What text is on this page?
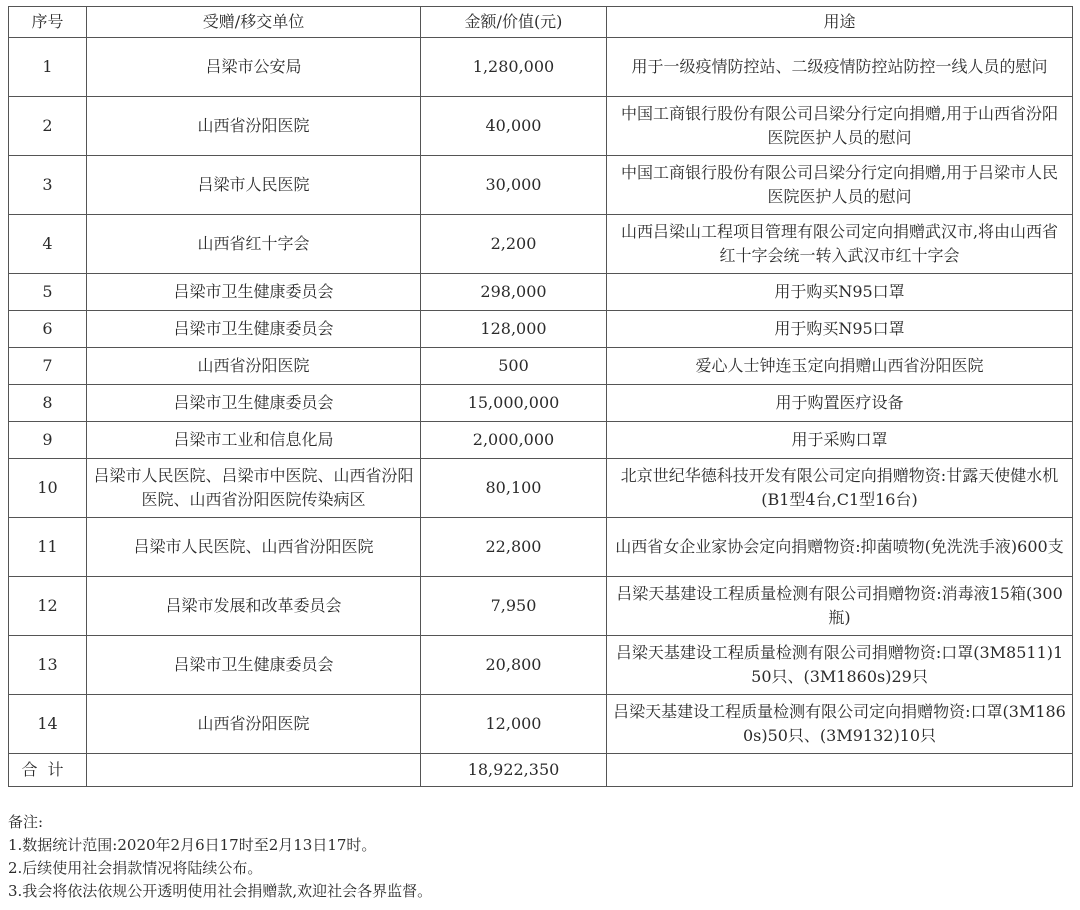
序号	受赠/移交单位	金额/价值(元)	用途
1	吕梁市公安局	1,280,000	用于一级疫情防控站、二级疫情防控站防控一线人员的慰问
2	山西省汾阳医院	40,000	中国工商银行股份有限公司吕梁分行定向捐赠,用于山西省汾阳医院医护人员的慰问
3	吕梁市人民医院	30,000	中国工商银行股份有限公司吕梁分行定向捐赠,用于吕梁市人民医院医护人员的慰问
4	山西省红十字会	2,200	山西吕梁山工程项目管理有限公司定向捐赠武汉市,将由山西省红十字会统一转入武汉市红十字会
5	吕梁市卫生健康委员会	298,000	用于购买N95口罩
6	吕梁市卫生健康委员会	128,000	用于购买N95口罩
7	山西省汾阳医院	500	爱心人士钟连玉定向捐赠山西省汾阳医院
8	吕梁市卫生健康委员会	15,000,000	用于购置医疗设备
9	吕梁市工业和信息化局	2,000,000	用于采购口罩
10	吕梁市人民医院、吕梁市中医院、山西省汾阳医院、山西省汾阳医院传染病区	80,100	北京世纪华德科技开发有限公司定向捐赠物资:甘露天使健水机(B1型4台,C1型16台)
11	吕梁市人民医院、山西省汾阳医院	22,800	山西省女企业家协会定向捐赠物资:抑菌喷物(免洗洗手液)600支
12	吕梁市发展和改革委员会	7,950	吕梁天基建设工程质量检测有限公司捐赠物资:消毒液15箱(300瓶)
13	吕梁市卫生健康委员会	20,800	吕梁天基建设工程质量检测有限公司捐赠物资:口罩(3M8511)150只、(3M1860s)29只
14	山西省汾阳医院	12,000	吕梁天基建设工程质量检测有限公司定向捐赠物资:口罩(3M1860s)50只、(3M9132)10只
合计		18,922,350	
备注:
1.数据统计范围:2020年2月6日17时至2月13日17时。
2.后续使用社会捐款情况将陆续公布。
3.我会将依法依规公开透明使用社会捐赠款,欢迎社会各界监督。
